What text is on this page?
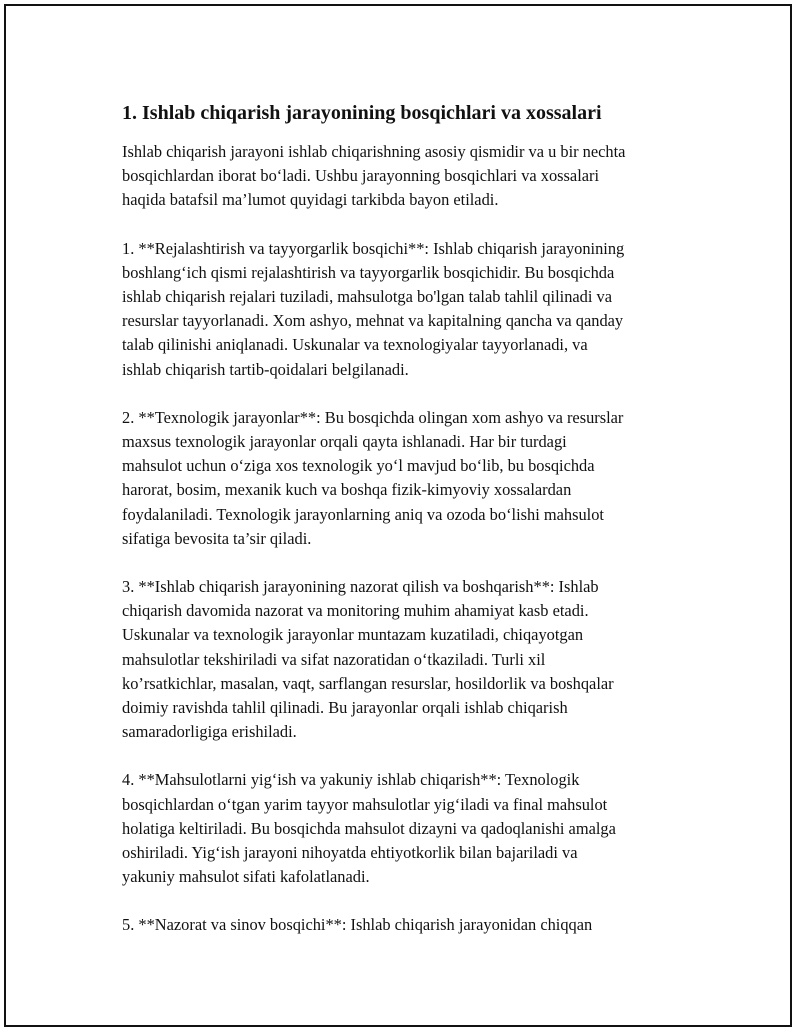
1. Ishlab chiqarish jarayonining bosqichlari va xossalari
Ishlab chiqarish jarayoni ishlab chiqarishning asosiy qismidir va u bir nechta
bosqichlardan iborat bo‘ladi. Ushbu jarayonning bosqichlari va xossalari
haqida batafsil ma’lumot quyidagi tarkibda bayon etiladi.
1. **Rejalashtirish va tayyorgarlik bosqichi**: Ishlab chiqarish jarayonining
boshlang‘ich qismi rejalashtirish va tayyorgarlik bosqichidir. Bu bosqichda
ishlab chiqarish rejalari tuziladi, mahsulotga bo'lgan talab tahlil qilinadi va
resurslar tayyorlanadi. Xom ashyo, mehnat va kapitalning qancha va qanday
talab qilinishi aniqlanadi. Uskunalar va texnologiyalar tayyorlanadi, va
ishlab chiqarish tartib-qoidalari belgilanadi.
2. **Texnologik jarayonlar**: Bu bosqichda olingan xom ashyo va resurslar
maxsus texnologik jarayonlar orqali qayta ishlanadi. Har bir turdagi
mahsulot uchun o‘ziga xos texnologik yo‘l mavjud bo‘lib, bu bosqichda
harorat, bosim, mexanik kuch va boshqa fizik-kimyoviy xossalardan
foydalaniladi. Texnologik jarayonlarning aniq va ozoda bo‘lishi mahsulot
sifatiga bevosita ta’sir qiladi.
3. **Ishlab chiqarish jarayonining nazorat qilish va boshqarish**: Ishlab
chiqarish davomida nazorat va monitoring muhim ahamiyat kasb etadi.
Uskunalar va texnologik jarayonlar muntazam kuzatiladi, chiqayotgan
mahsulotlar tekshiriladi va sifat nazoratidan o‘tkaziladi. Turli xil
ko’rsatkichlar, masalan, vaqt, sarflangan resurslar, hosildorlik va boshqalar
doimiy ravishda tahlil qilinadi. Bu jarayonlar orqali ishlab chiqarish
samaradorligiga erishiladi.
4. **Mahsulotlarni yig‘ish va yakuniy ishlab chiqarish**: Texnologik
bosqichlardan o‘tgan yarim tayyor mahsulotlar yig‘iladi va final mahsulot
holatiga keltiriladi. Bu bosqichda mahsulot dizayni va qadoqlanishi amalga
oshiriladi. Yig‘ish jarayoni nihoyatda ehtiyotkorlik bilan bajariladi va
yakuniy mahsulot sifati kafolatlanadi.
5. **Nazorat va sinov bosqichi**: Ishlab chiqarish jarayonidan chiqqan
